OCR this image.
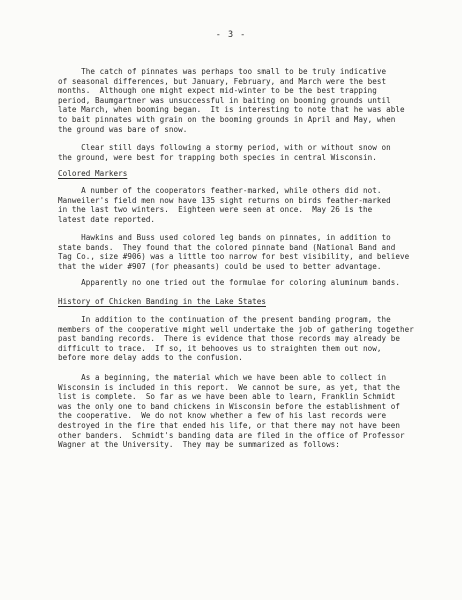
- 3 -
The catch of pinnates was perhaps too small to be truly indicative
of seasonal differences, but January, February, and March were the best
months.  Although one might expect mid-winter to be the best trapping
period, Baumgartner was unsuccessful in baiting on booming grounds until
late March, when booming began.  It is interesting to note that he was able
to bait pinnates with grain on the booming grounds in April and May, when
the ground was bare of snow.
Clear still days following a stormy period, with or without snow on
the ground, were best for trapping both species in central Wisconsin.
Colored Markers
A number of the cooperators feather-marked, while others did not.
Manweiler's field men now have 135 sight returns on birds feather-marked
in the last two winters.  Eighteen were seen at once.  May 26 is the
latest date reported.
Hawkins and Buss used colored leg bands on pinnates, in addition to
state bands.  They found that the colored pinnate band (National Band and
Tag Co., size #906) was a little too narrow for best visibility, and believe
that the wider #907 (for pheasants) could be used to better advantage.
Apparently no one tried out the formulae for coloring aluminum bands.
History of Chicken Banding in the Lake States
In addition to the continuation of the present banding program, the
members of the cooperative might well undertake the job of gathering together
past banding records.  There is evidence that those records may already be
difficult to trace.  If so, it behooves us to straighten them out now,
before more delay adds to the confusion.
As a beginning, the material which we have been able to collect in
Wisconsin is included in this report.  We cannot be sure, as yet, that the
list is complete.  So far as we have been able to learn, Franklin Schmidt
was the only one to band chickens in Wisconsin before the establishment of
the cooperative.  We do not know whether a few of his last records were
destroyed in the fire that ended his life, or that there may not have been
other banders.  Schmidt's banding data are filed in the office of Professor
Wagner at the University.  They may be summarized as follows:
